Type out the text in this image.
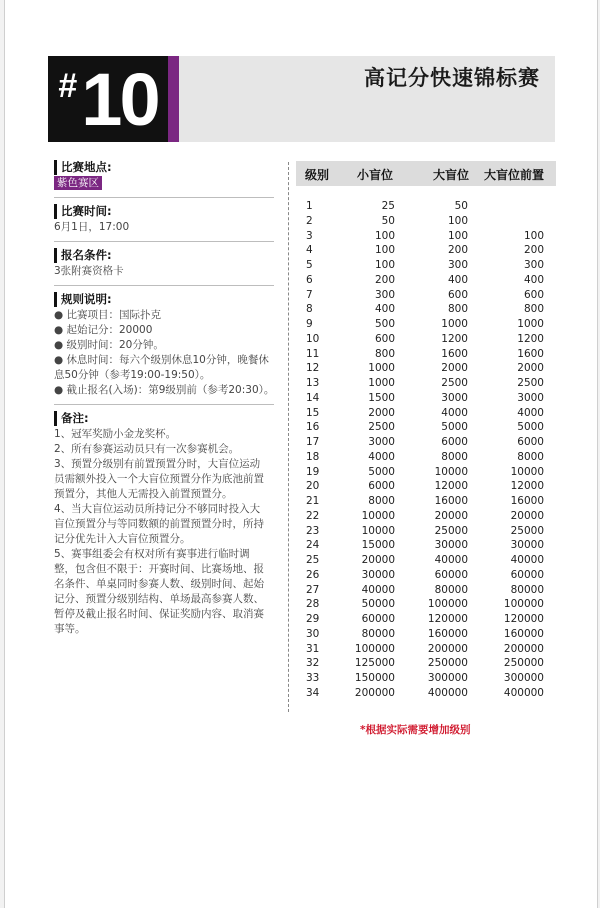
# 10	高记分快速锦标赛
比赛地点:
紫色赛区
比赛时间:
6月1日，17:00
报名条件:
3张附赛资格卡
规则说明:
● 比赛项目：国际扑克
● 起始记分：20000
● 级别时间：20分钟。
● 休息时间：每六个级别休息10分钟，晚餐休
息50分钟（参考19:00-19:50）。
● 截止报名(入场)：第9级别前（参考20:30）。
备注:
1、冠军奖励小金龙奖杯。
2、所有参赛运动员只有一次参赛机会。
3、预置分级别有前置预置分时，大盲位运动
员需额外投入一个大盲位预置分作为底池前置
预置分，其他人无需投入前置预置分。
4、当大盲位运动员所持记分不够同时投入大
盲位预置分与等同数额的前置预置分时，所持
记分优先计入大盲位预置分。
5、赛事组委会有权对所有赛事进行临时调
整，包含但不限于：开赛时间、比赛场地、报
名条件、单桌同时参赛人数、级别时间、起始
记分、预置分级别结构、单场最高参赛人数、
暂停及截止报名时间、保证奖励内容、取消赛
事等。
级别 小盲位	大盲位 大盲位前置
1	25	50
2	50	100
3	100	100	100
4	100	200	200
5	100	300	300
6	200	400	400
7	300	600	600
8	400	800	800
9	500	1000	1000
10	600	1200	1200
11	800	1600	1600
12	1000	2000	2000
13	1000	2500	2500
14	1500	3000	3000
15	2000	4000	4000
16	2500	5000	5000
17	3000	6000	6000
18	4000	8000	8000
19	5000	10000	10000
20	6000	12000	12000
21	8000	16000	16000
22	10000	20000	20000
23	10000	25000	25000
24	15000	30000	30000
25	20000	40000	40000
26	30000	60000	60000
27	40000	80000	80000
28	50000	100000	100000
29	60000	120000	120000
30	80000	160000	160000
31	100000	200000	200000
32	125000	250000	250000
33	150000	300000	300000
34	200000	400000	400000
*根据实际需要增加级别
